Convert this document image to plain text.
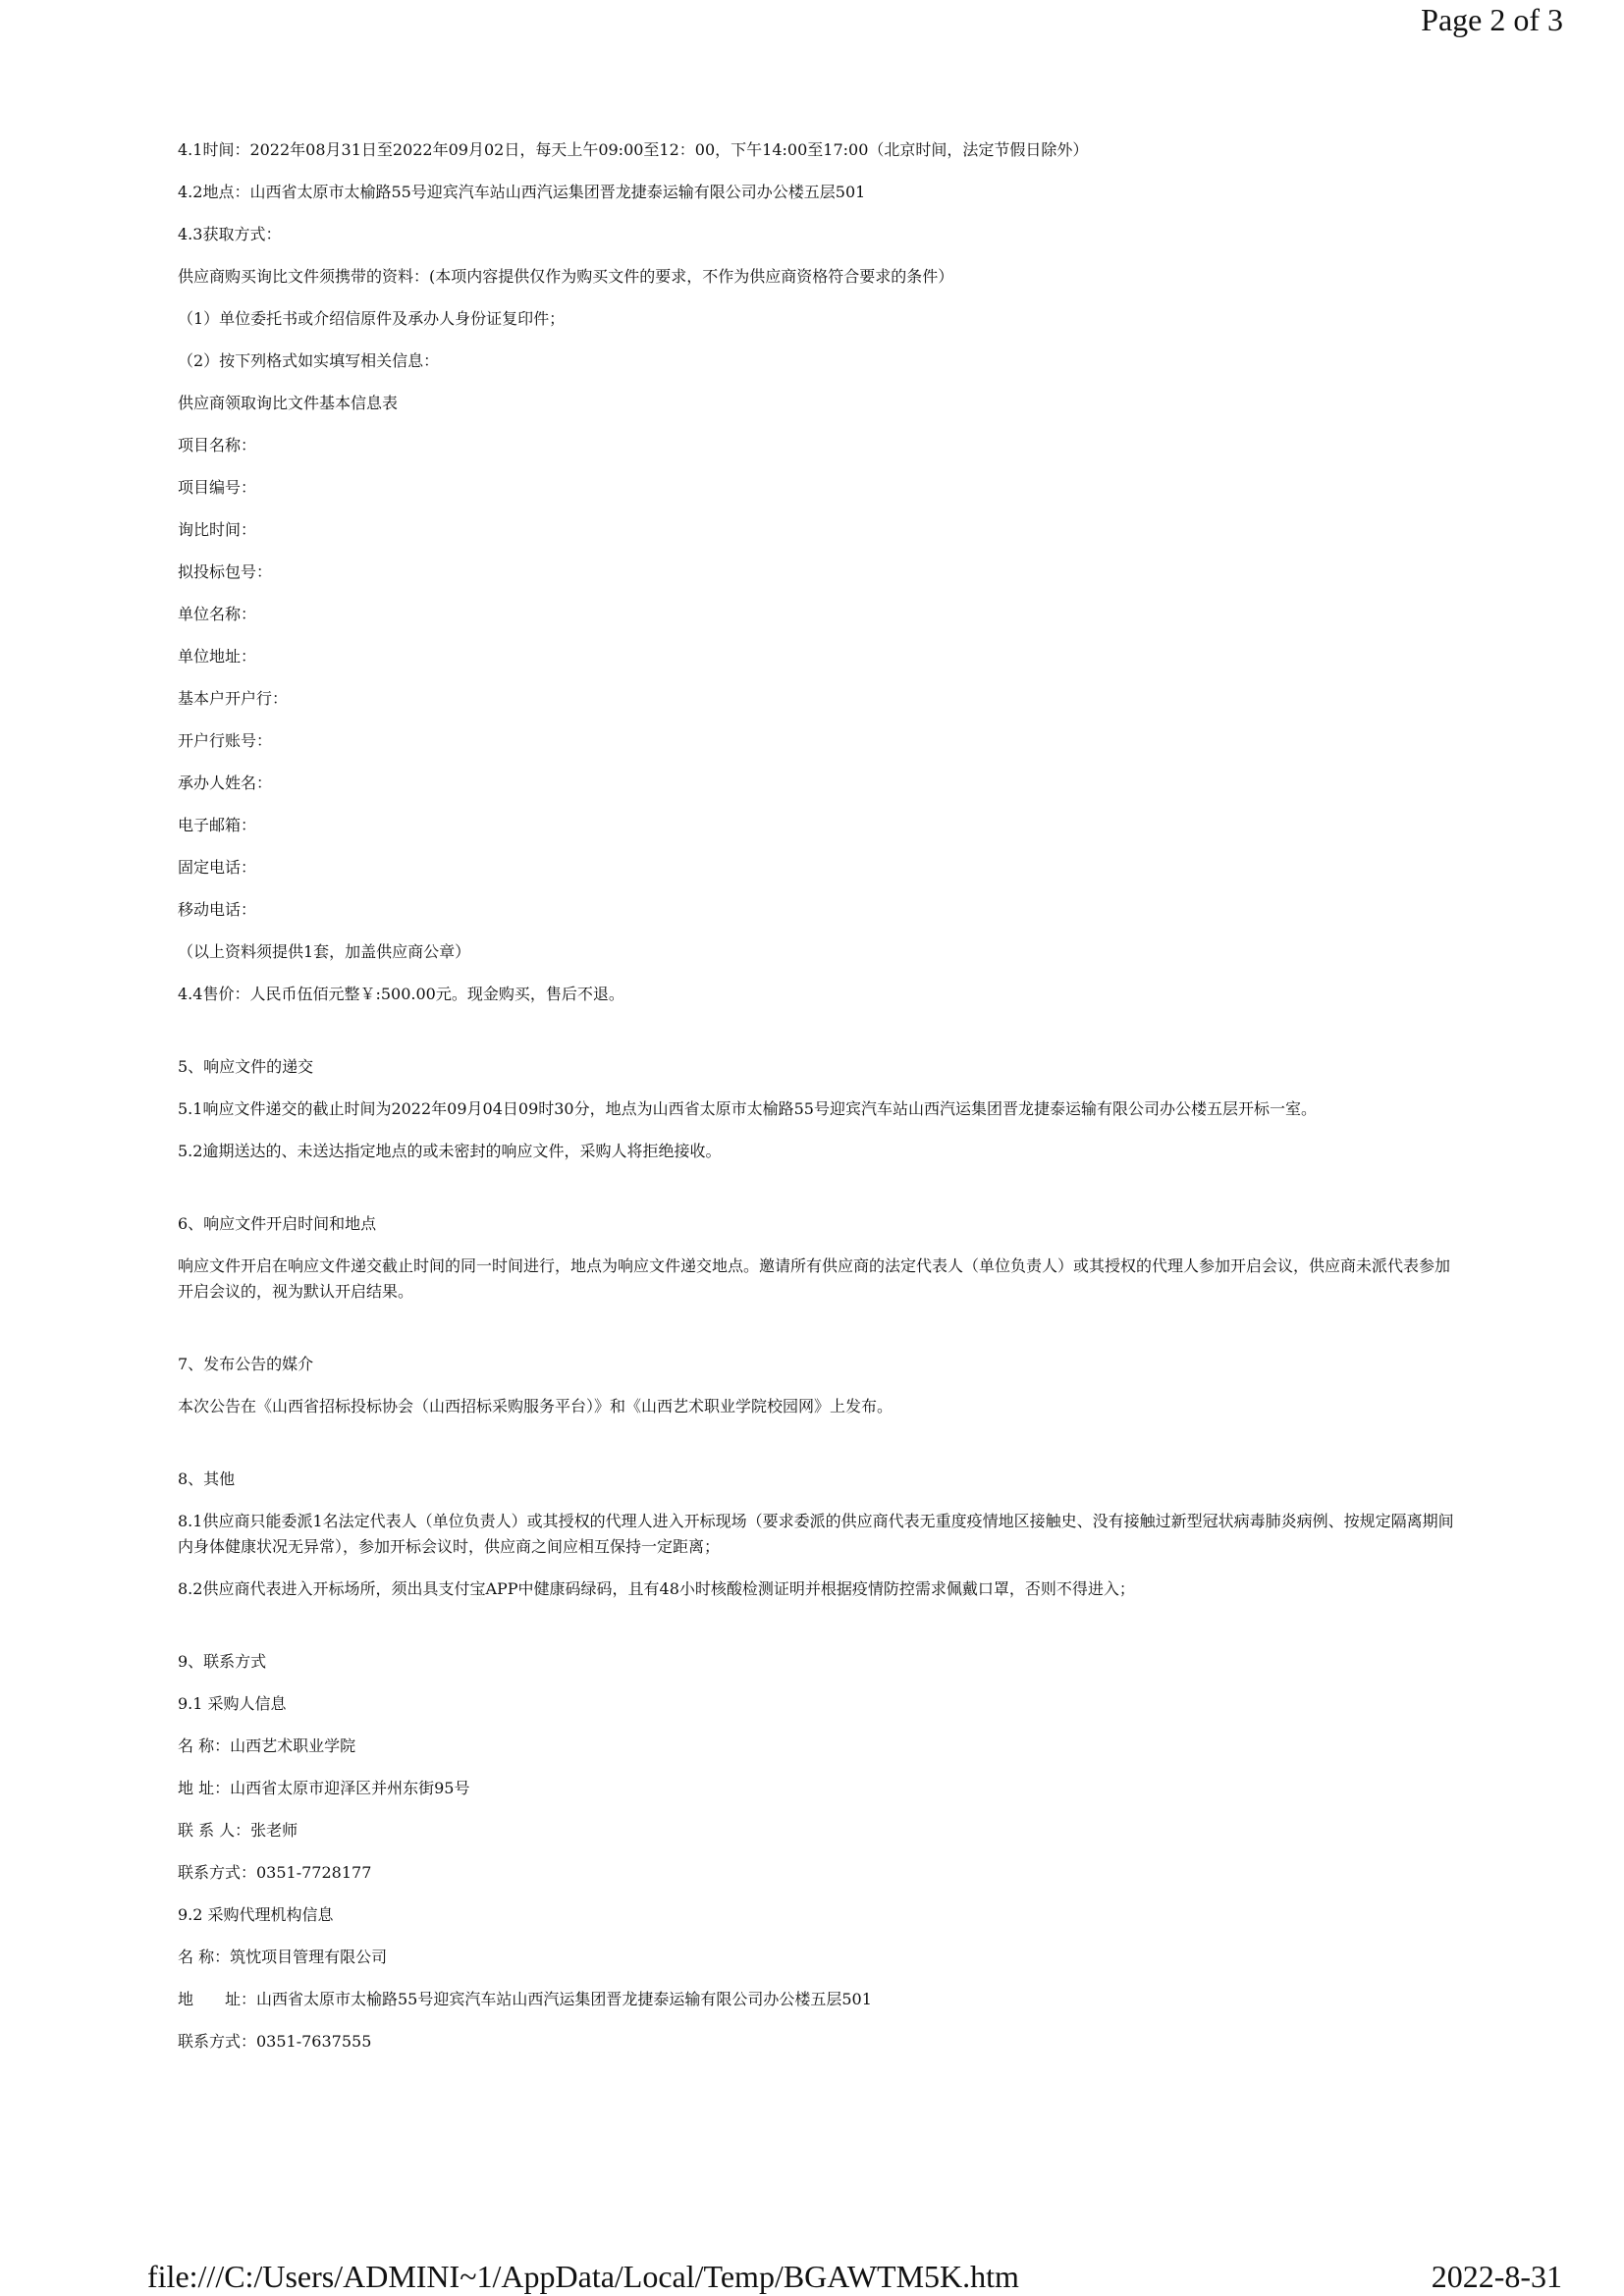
Page 2 of 3
4.1时间：2022年08月31日至2022年09月02日，每天上午09:00至12：00，下午14:00至17:00（北京时间，法定节假日除外）
4.2地点：山西省太原市太榆路55号迎宾汽车站山西汽运集团晋龙捷泰运输有限公司办公楼五层501
4.3获取方式：
供应商购买询比文件须携带的资料：(本项内容提供仅作为购买文件的要求，不作为供应商资格符合要求的条件）
（1）单位委托书或介绍信原件及承办人身份证复印件；
（2）按下列格式如实填写相关信息：
供应商领取询比文件基本信息表
项目名称：
项目编号：
询比时间：
拟投标包号：
单位名称：
单位地址：
基本户开户行：
开户行账号：
承办人姓名：
电子邮箱：
固定电话：
移动电话：
（以上资料须提供1套，加盖供应商公章）
4.4售价：人民币伍佰元整￥:500.00元。现金购买，售后不退。
5、响应文件的递交
5.1响应文件递交的截止时间为2022年09月04日09时30分，地点为山西省太原市太榆路55号迎宾汽车站山西汽运集团晋龙捷泰运输有限公司办公楼五层开标一室。
5.2逾期送达的、未送达指定地点的或未密封的响应文件，采购人将拒绝接收。
6、响应文件开启时间和地点
响应文件开启在响应文件递交截止时间的同一时间进行，地点为响应文件递交地点。邀请所有供应商的法定代表人（单位负责人）或其授权的代理人参加开启会议，供应商未派代表参加开启会议的，视为默认开启结果。
7、发布公告的媒介
本次公告在《山西省招标投标协会（山西招标采购服务平台）》和《山西艺术职业学院校园网》上发布。
8、其他
8.1供应商只能委派1名法定代表人（单位负责人）或其授权的代理人进入开标现场（要求委派的供应商代表无重度疫情地区接触史、没有接触过新型冠状病毒肺炎病例、按规定隔离期间内身体健康状况无异常），参加开标会议时，供应商之间应相互保持一定距离；
8.2供应商代表进入开标场所，须出具支付宝APP中健康码绿码，且有48小时核酸检测证明并根据疫情防控需求佩戴口罩，否则不得进入；
9、联系方式
9.1 采购人信息
名 称：山西艺术职业学院
地 址：山西省太原市迎泽区并州东街95号
联 系 人：张老师
联系方式：0351-7728177
9.2 采购代理机构信息
名 称：筑忱项目管理有限公司
地　　址：山西省太原市太榆路55号迎宾汽车站山西汽运集团晋龙捷泰运输有限公司办公楼五层501
联系方式：0351-7637555
file:///C:/Users/ADMINI~1/AppData/Local/Temp/BGAWTM5K.htm	2022-8-31
